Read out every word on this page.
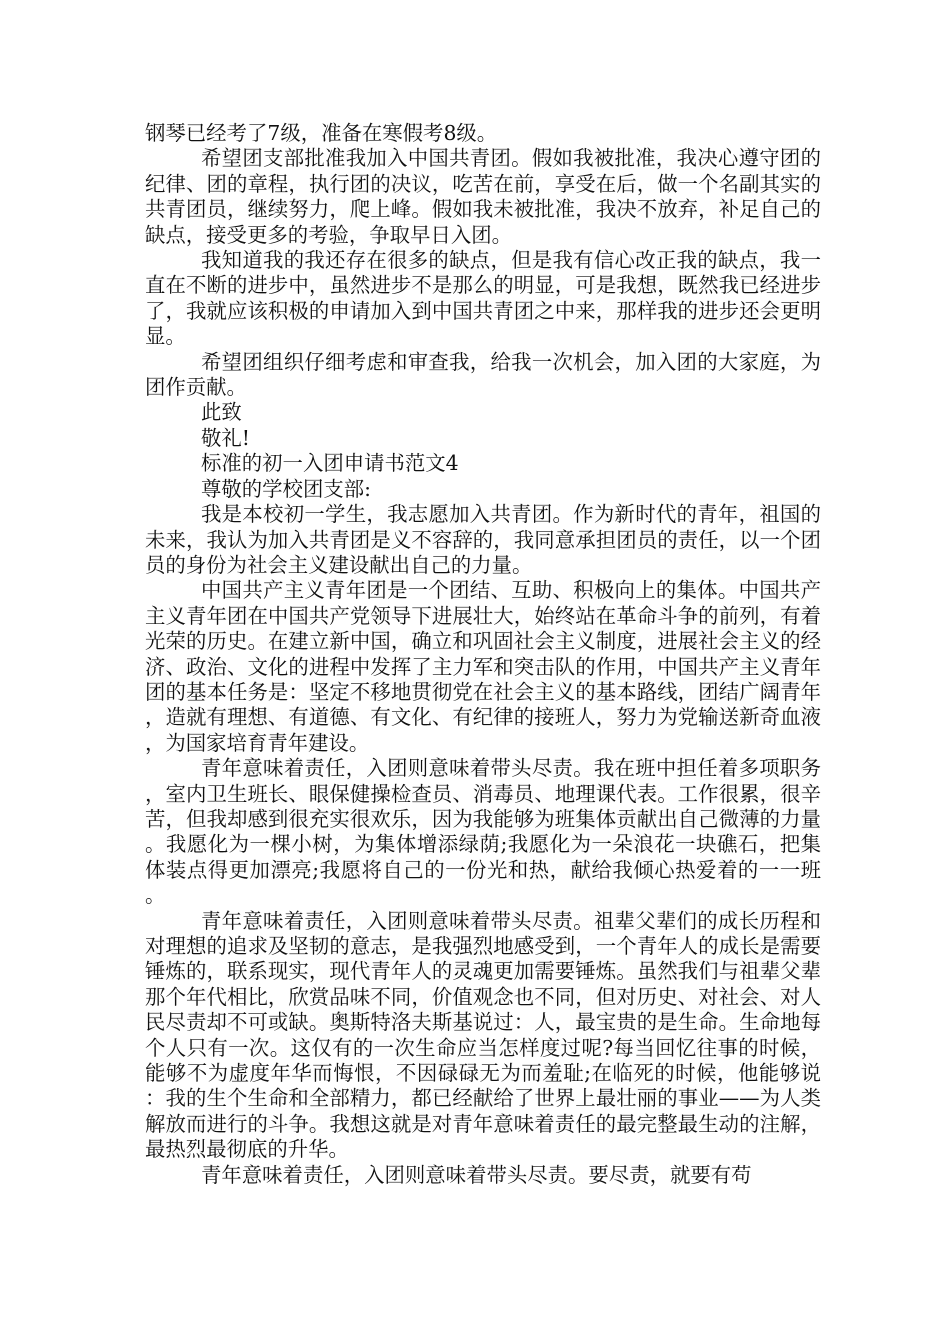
钢琴已经考了7级，准备在寒假考8级。

希望团支部批准我加入中国共青团。假如我被批准，我决心遵守团的纪律、团的章程，执行团的决议，吃苦在前，享受在后，做一个名副其实的共青团员，继续努力，爬上峰。假如我未被批准，我决不放弃，补足自己的缺点，接受更多的考验，争取早日入团。

我知道我的我还存在很多的缺点，但是我有信心改正我的缺点，我一直在不断的进步中，虽然进步不是那么的明显，可是我想，既然我已经进步了，我就应该积极的申请加入到中国共青团之中来，那样我的进步还会更明显。

希望团组织仔细考虑和审查我，给我一次机会，加入团的大家庭，为团作贡献。

此致

敬礼!

标准的初一入团申请书范文4

尊敬的学校团支部:

我是本校初一学生，我志愿加入共青团。作为新时代的青年，祖国的未来，我认为加入共青团是义不容辞的，我同意承担团员的责任，以一个团员的身份为社会主义建设献出自己的力量。

中国共产主义青年团是一个团结、互助、积极向上的集体。中国共产主义青年团在中国共产党领导下进展壮大，始终站在革命斗争的前列，有着光荣的历史。在建立新中国，确立和巩固社会主义制度，进展社会主义的经济、政治、文化的进程中发挥了主力军和突击队的作用，中国共产主义青年团的基本任务是：坚定不移地贯彻党在社会主义的基本路线，团结广阔青年，造就有理想、有道德、有文化、有纪律的接班人，努力为党输送新奇血液，为国家培育青年建设。

青年意味着责任，入团则意味着带头尽责。我在班中担任着多项职务，室内卫生班长、眼保健操检查员、消毒员、地理课代表。工作很累，很辛苦，但我却感到很充实很欢乐，因为我能够为班集体贡献出自己微薄的力量。我愿化为一棵小树，为集体增添绿荫;我愿化为一朵浪花一块礁石，把集体装点得更加漂亮;我愿将自己的一份光和热，献给我倾心热爱着的一一班。

青年意味着责任，入团则意味着带头尽责。祖辈父辈们的成长历程和对理想的追求及坚韧的意志，是我强烈地感受到，一个青年人的成长是需要锤炼的，联系现实，现代青年人的灵魂更加需要锤炼。虽然我们与祖辈父辈那个年代相比，欣赏品味不同，价值观念也不同，但对历史、对社会、对人民尽责却不可或缺。奥斯特洛夫斯基说过：人，最宝贵的是生命。生命地每个人只有一次。这仅有的一次生命应当怎样度过呢?每当回忆往事的时候，能够不为虚度年华而悔恨，不因碌碌无为而羞耻;在临死的时候，他能够说：我的生个生命和全部精力，都已经献给了世界上最壮丽的事业——为人类解放而进行的斗争。我想这就是对青年意味着责任的最完整最生动的注解，最热烈最彻底的升华。

青年意味着责任，入团则意味着带头尽责。要尽责，就要有苟
